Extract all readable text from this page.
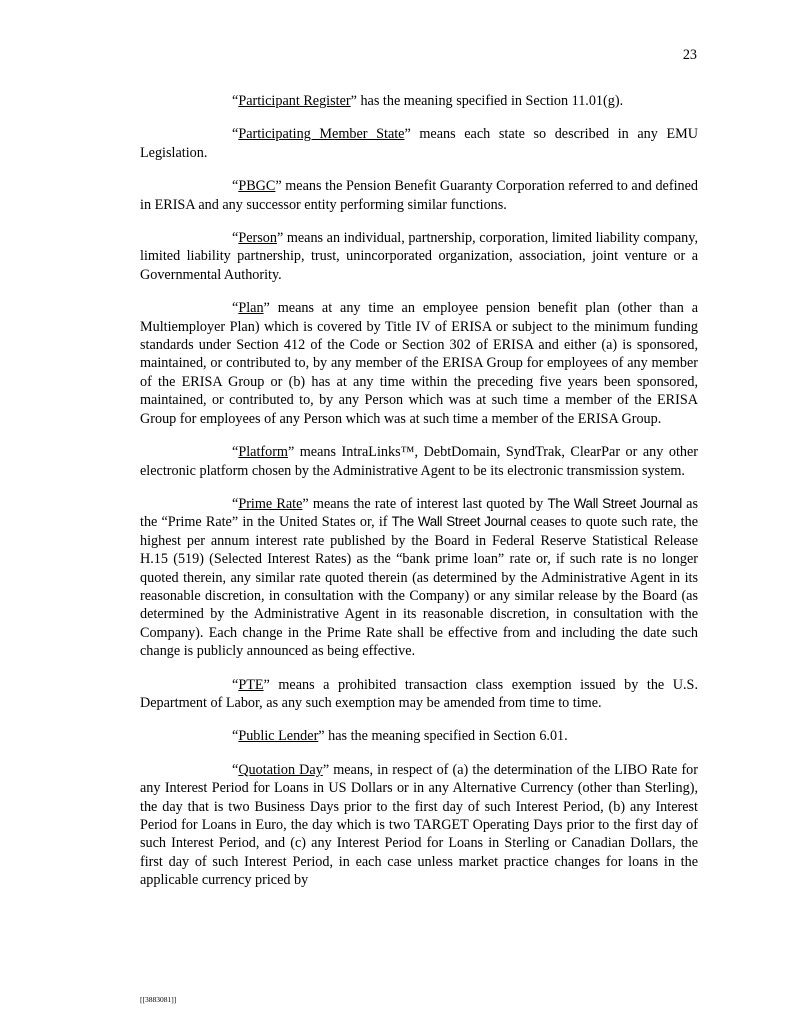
23

“Participant Register” has the meaning specified in Section 11.01(g).

“Participating Member State” means each state so described in any EMU Legislation.

“PBGC” means the Pension Benefit Guaranty Corporation referred to and defined in ERISA and any successor entity performing similar functions.

“Person” means an individual, partnership, corporation, limited liability company, limited liability partnership, trust, unincorporated organization, association, joint venture or a Governmental Authority.

“Plan” means at any time an employee pension benefit plan (other than a Multiemployer Plan) which is covered by Title IV of ERISA or subject to the minimum funding standards under Section 412 of the Code or Section 302 of ERISA and either (a) is sponsored, maintained, or contributed to, by any member of the ERISA Group for employees of any member of the ERISA Group or (b) has at any time within the preceding five years been sponsored, maintained, or contributed to, by any Person which was at such time a member of the ERISA Group for employees of any Person which was at such time a member of the ERISA Group.

“Platform” means IntraLinks™, DebtDomain, SyndTrak, ClearPar or any other electronic platform chosen by the Administrative Agent to be its electronic transmission system.

“Prime Rate” means the rate of interest last quoted by The Wall Street Journal as the “Prime Rate” in the United States or, if The Wall Street Journal ceases to quote such rate, the highest per annum interest rate published by the Board in Federal Reserve Statistical Release H.15 (519) (Selected Interest Rates) as the “bank prime loan” rate or, if such rate is no longer quoted therein, any similar rate quoted therein (as determined by the Administrative Agent in its reasonable discretion, in consultation with the Company) or any similar release by the Board (as determined by the Administrative Agent in its reasonable discretion, in consultation with the Company). Each change in the Prime Rate shall be effective from and including the date such change is publicly announced as being effective.

“PTE” means a prohibited transaction class exemption issued by the U.S. Department of Labor, as any such exemption may be amended from time to time.

“Public Lender” has the meaning specified in Section 6.01.

“Quotation Day” means, in respect of (a) the determination of the LIBO Rate for any Interest Period for Loans in US Dollars or in any Alternative Currency (other than Sterling), the day that is two Business Days prior to the first day of such Interest Period, (b) any Interest Period for Loans in Euro, the day which is two TARGET Operating Days prior to the first day of such Interest Period, and (c) any Interest Period for Loans in Sterling or Canadian Dollars, the first day of such Interest Period, in each case unless market practice changes for loans in the applicable currency priced by

[[3883081]]
